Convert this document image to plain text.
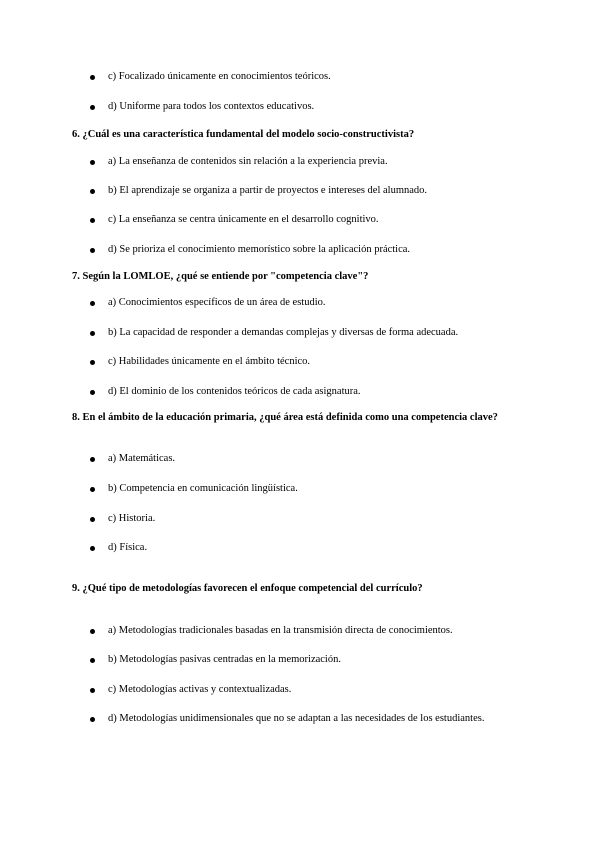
c) Focalizado únicamente en conocimientos teóricos.
d) Uniforme para todos los contextos educativos.
6. ¿Cuál es una característica fundamental del modelo socio-constructivista?
a) La enseñanza de contenidos sin relación a la experiencia previa.
b) El aprendizaje se organiza a partir de proyectos e intereses del alumnado.
c) La enseñanza se centra únicamente en el desarrollo cognitivo.
d) Se prioriza el conocimiento memorístico sobre la aplicación práctica.
7. Según la LOMLOE, ¿qué se entiende por "competencia clave"?
a) Conocimientos específicos de un área de estudio.
b) La capacidad de responder a demandas complejas y diversas de forma adecuada.
c) Habilidades únicamente en el ámbito técnico.
d) El dominio de los contenidos teóricos de cada asignatura.
8. En el ámbito de la educación primaria, ¿qué área está definida como una competencia clave?
a) Matemáticas.
b) Competencia en comunicación lingüística.
c) Historia.
d) Física.
9. ¿Qué tipo de metodologías favorecen el enfoque competencial del currículo?
a) Metodologías tradicionales basadas en la transmisión directa de conocimientos.
b) Metodologías pasivas centradas en la memorización.
c) Metodologías activas y contextualizadas.
d) Metodologías unidimensionales que no se adaptan a las necesidades de los estudiantes.
